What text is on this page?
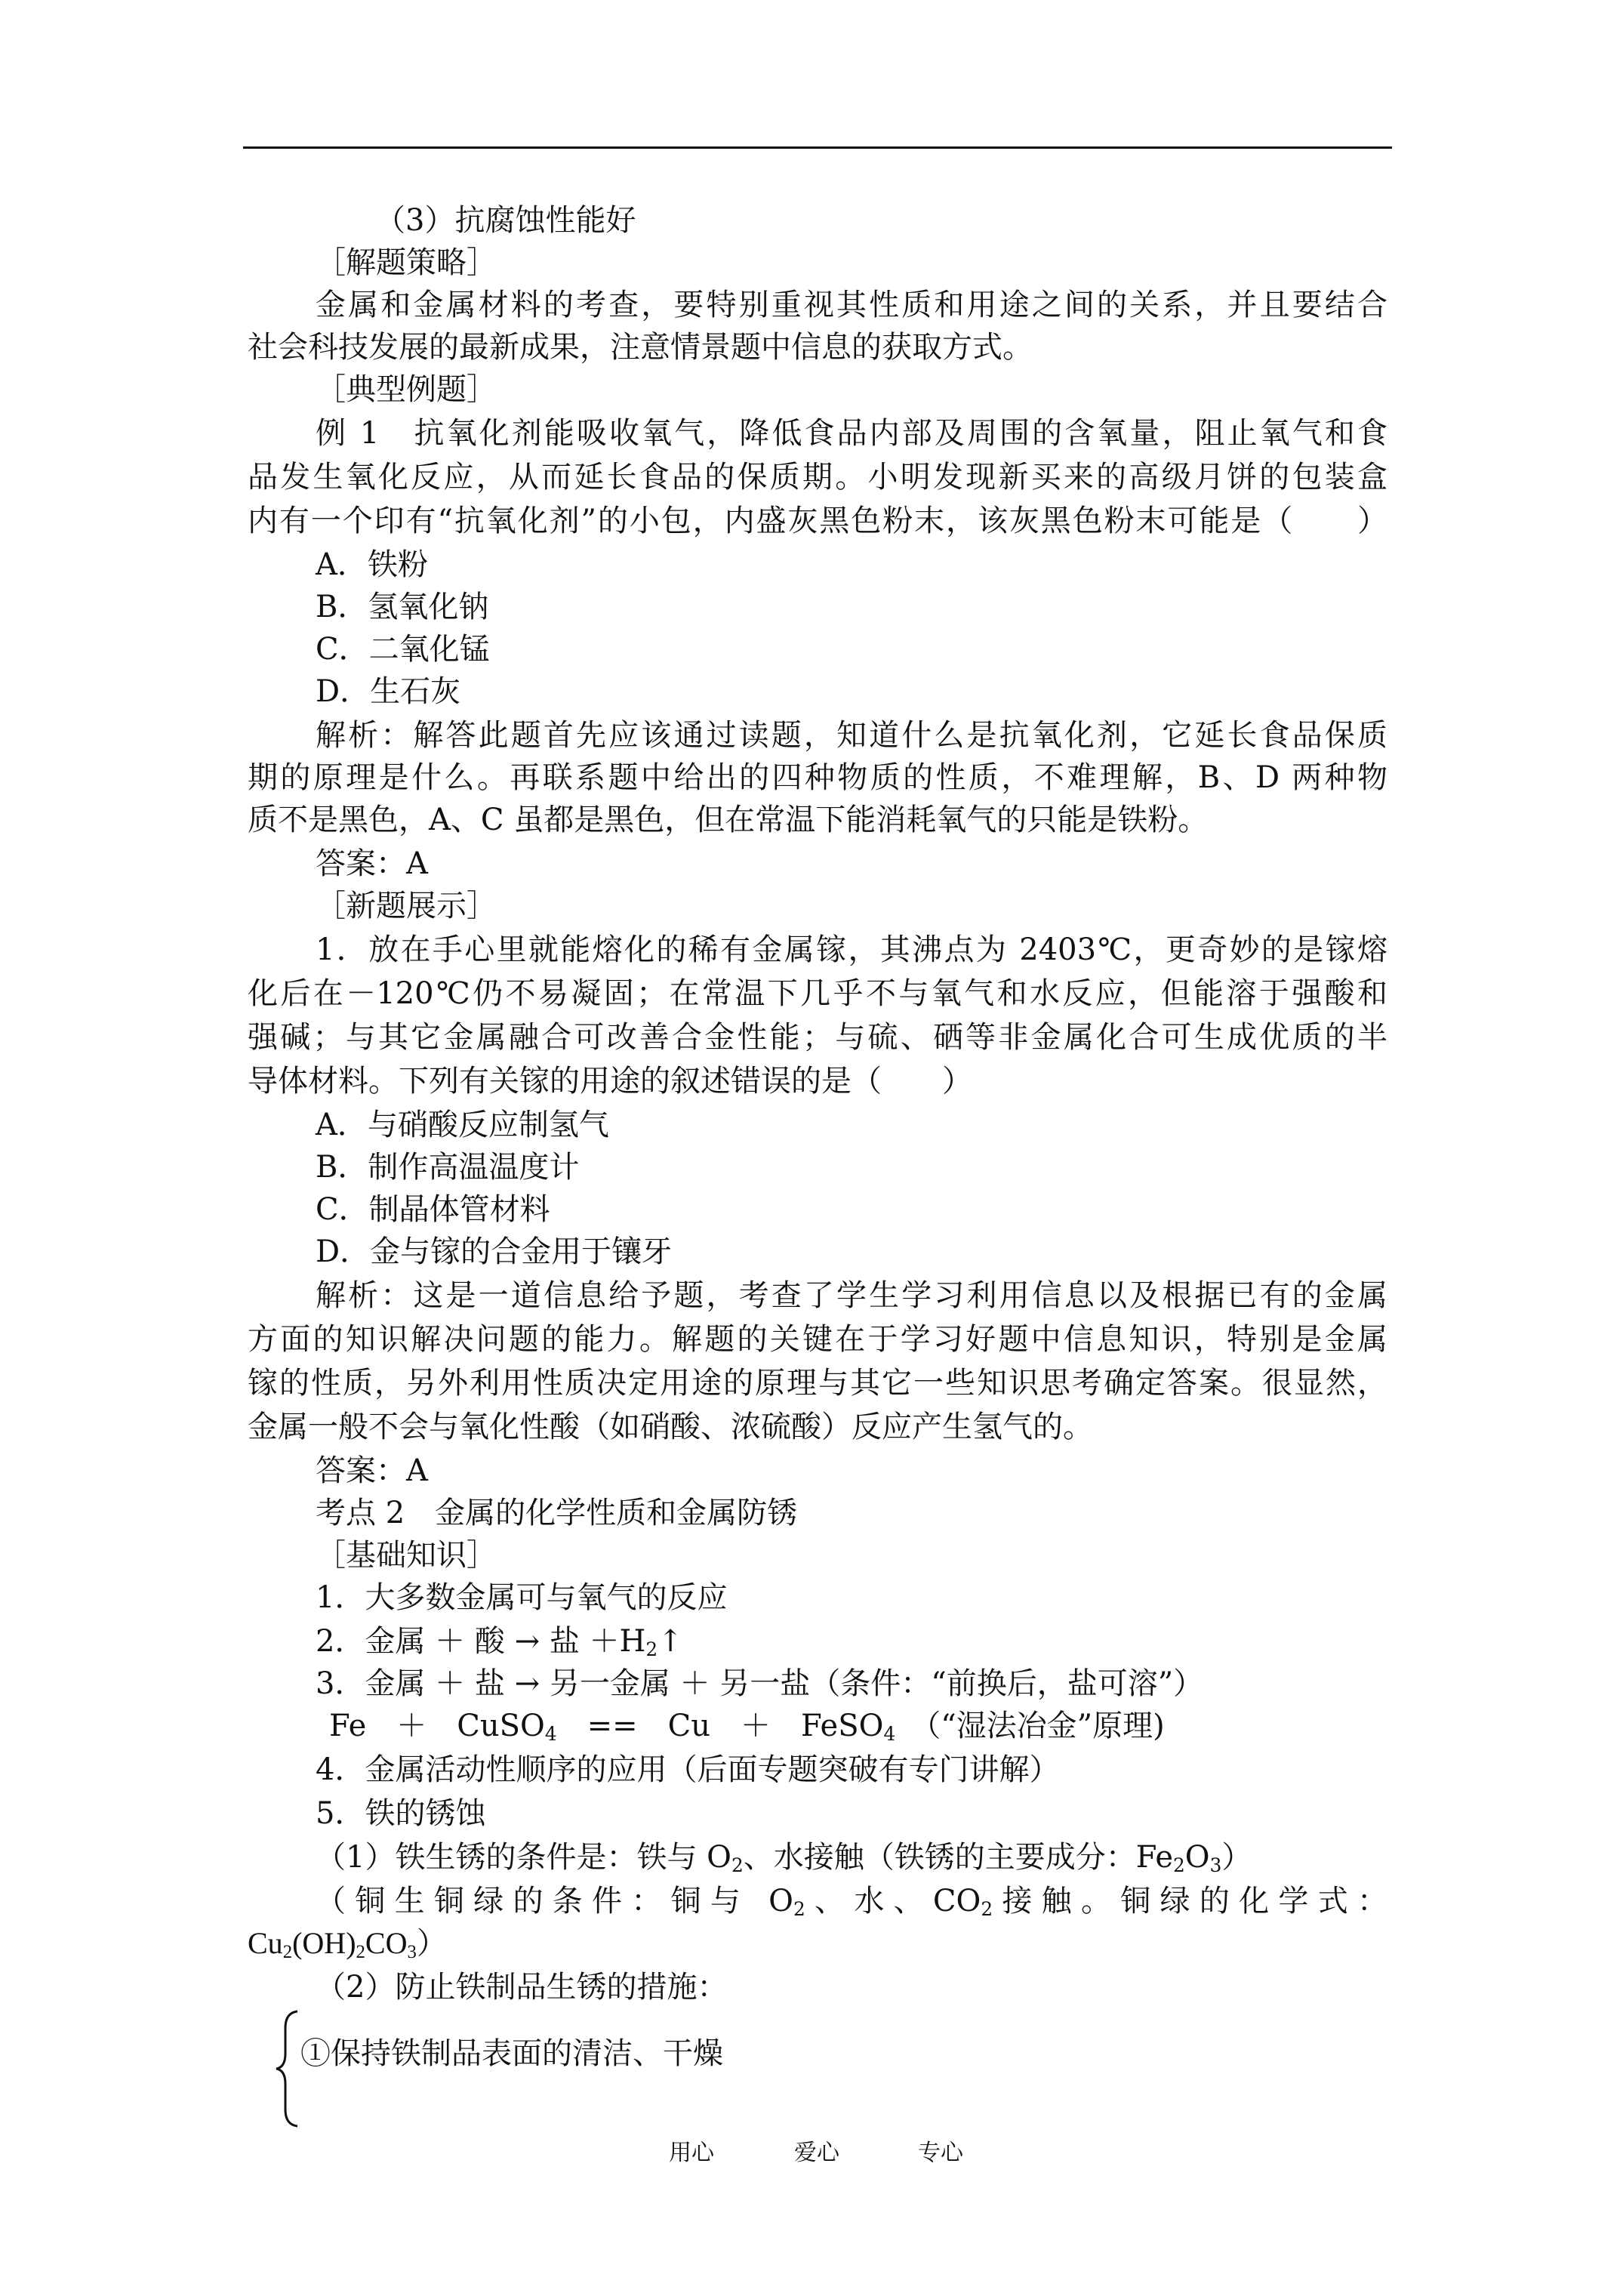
（3）抗腐蚀性能好
［解题策略］
金属和金属材料的考查，要特别重视其性质和用途之间的关系，并且要结合
社会科技发展的最新成果，注意情景题中信息的获取方式。
［典型例题］
例 1　抗氧化剂能吸收氧气，降低食品内部及周围的含氧量，阻止氧气和食
品发生氧化反应，从而延长食品的保质期。小明发现新买来的高级月饼的包装盒
内有一个印有“抗氧化剂”的小包，内盛灰黑色粉末，该灰黑色粉末可能是（　　）
A．铁粉
B．氢氧化钠
C．二氧化锰
D．生石灰
解析：解答此题首先应该通过读题，知道什么是抗氧化剂，它延长食品保质
期的原理是什么。再联系题中给出的四种物质的性质，不难理解，B、D 两种物
质不是黑色，A、C 虽都是黑色，但在常温下能消耗氧气的只能是铁粉。
答案：A
［新题展示］
1．放在手心里就能熔化的稀有金属镓，其沸点为 2403℃，更奇妙的是镓熔
化后在－120℃仍不易凝固；在常温下几乎不与氧气和水反应，但能溶于强酸和
强碱；与其它金属融合可改善合金性能；与硫、硒等非金属化合可生成优质的半
导体材料。下列有关镓的用途的叙述错误的是（　　）
A．与硝酸反应制氢气
B．制作高温温度计
C．制晶体管材料
D．金与镓的合金用于镶牙
解析：这是一道信息给予题，考查了学生学习利用信息以及根据已有的金属
方面的知识解决问题的能力。解题的关键在于学习好题中信息知识，特别是金属
镓的性质，另外利用性质决定用途的原理与其它一些知识思考确定答案。很显然，
金属一般不会与氧化性酸（如硝酸、浓硫酸）反应产生氢气的。
答案：A
考点 2　金属的化学性质和金属防锈
［基础知识］
1．大多数金属可与氧气的反应
2．金属 ＋ 酸 → 盐 $+H_2↑$
3．金属 ＋ 盐 → 另一金属 ＋ 另一盐（条件：“前换后，盐可溶”）
Fe　＋　CuSO$_4$　==　Cu　＋　FeSO$_4$　（“湿法冶金”原理)
4．金属活动性顺序的应用（后面专题突破有专门讲解）
5．铁的锈蚀
（1）铁生锈的条件是：铁与 $O_2$、水接触（铁锈的主要成分：$Fe_2O_3$）
（铜生铜绿的条件：铜与 $O_2$、水、$CO_2$接触。铜绿的化学式：
$Cu_2(OH)_2CO_3$）
（2）防止铁制品生锈的措施：
①保持铁制品表面的清洁、干燥
用心	爱心	专心
